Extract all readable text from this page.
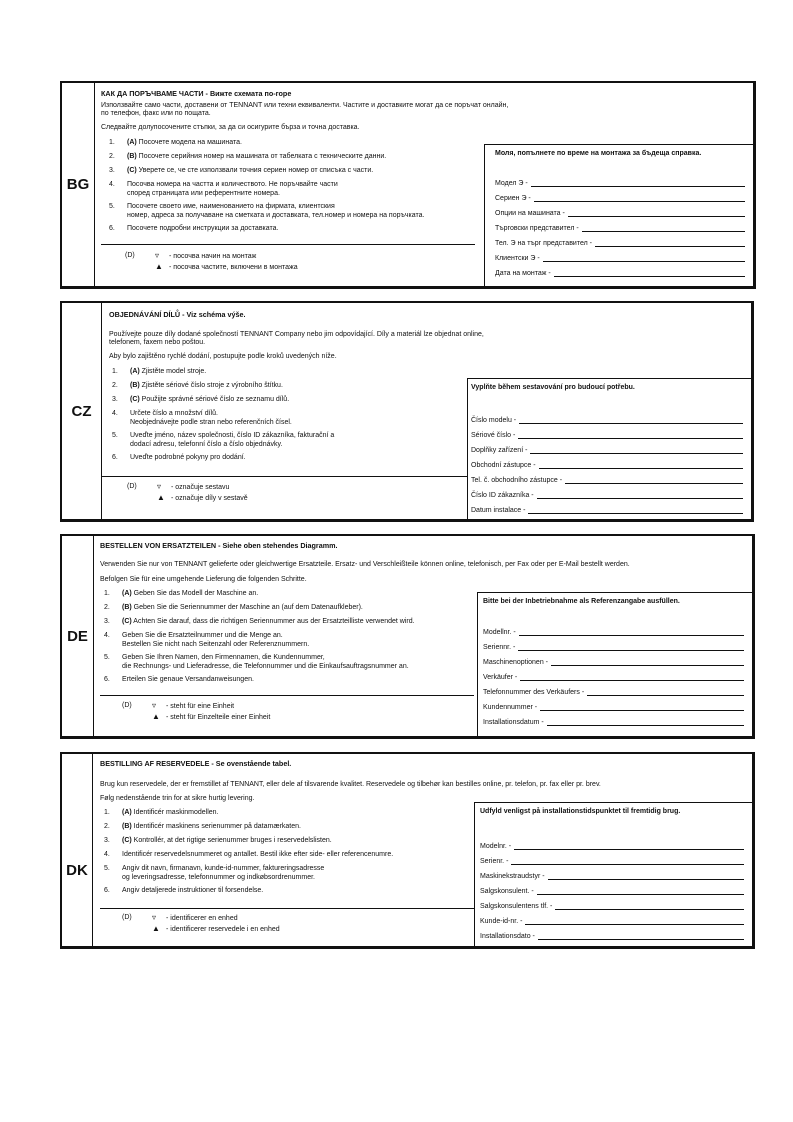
BG
КАК ДА ПОРЪЧВАМЕ ЧАСТИ - Вижте схемата по-горе
Използвайте само части, доставени от TENNANT или техни еквиваленти. Частите и доставките могат да се поръчат онлайн,
по телефон, факс или по пощата.
Следвайте долупосочените стъпки, за да си осигурите бърза и точна доставка.
1. (A) Посочете модела на машината.
2. (B) Посочете серийния номер на машината от табелката с техническите данни.
3. (C) Уверете се, че сте използвали точния сериен номер от списъка с части.
4. Посочва номера на частта и количеството. Не поръчвайте части
според страницата или референтните номера.
5. Посочете своето име, наименованието на фирмата, клиентския
номер, адреса за получаване на сметката и доставката, тел.номер и номера на поръчката.
6. Посочете подробни инструкции за доставката.
(D)	▿ - посочва начин на монтаж
▲ - посочва частите, включени в монтажа
Моля, попълнете по време на монтажа за бъдеща справка.
Модел Э -
Сериен Э -
Опции на машината -
Търговски представител -
Тел. Э на търг представител -
Клиентски Э -
Дата на монтаж -
CZ
OBJEDNÁVÁNÍ DÍLŮ - Viz schéma výše.
Používejte pouze díly dodané společností TENNANT Company nebo jim odpovídající. Díly a materiál lze objednat online,
telefonem, faxem nebo poštou.
Aby bylo zajištěno rychlé dodání, postupujte podle kroků uvedených níže.
1. (A) Zjistěte model stroje.
2. (B) Zjistěte sériové číslo stroje z výrobního štítku.
3. (C) Použijte správné sériové číslo ze seznamu dílů.
4. Určete číslo a množství dílů.
Neobjednávejte podle stran nebo referenčních čísel.
5. Uveďte jméno, název společnosti, číslo ID zákazníka, fakturační a
dodací adresu, telefonní číslo a číslo objednávky.
6. Uveďte podrobné pokyny pro dodání.
(D)	▿ - označuje sestavu
▲ - označuje díly v sestavě
Vyplňte během sestavování pro budoucí potřebu.
Číslo modelu -
Sériové číslo -
Doplňky zařízení -
Obchodní zástupce -
Tel. č. obchodního zástupce -
Číslo ID zákazníka -
Datum instalace -
DE
BESTELLEN VON ERSATZTEILEN - Siehe oben stehendes Diagramm.
Verwenden Sie nur von TENNANT gelieferte oder gleichwertige Ersatzteile. Ersatz- und Verschleißteile können online, telefonisch, per Fax oder per E-Mail bestellt werden.
Befolgen Sie für eine umgehende Lieferung die folgenden Schritte.
1. (A) Geben Sie das Modell der Maschine an.
2. (B) Geben Sie die Seriennummer der Maschine an (auf dem Datenaufkleber).
3. (C) Achten Sie darauf, dass die richtigen Seriennummer aus der Ersatzteilliste verwendet wird.
4. Geben Sie die Ersatzteilnummer und die Menge an.
Bestellen Sie nicht nach Seitenzahl oder Referenznummern.
5. Geben Sie Ihren Namen, den Firmennamen, die Kundennummer,
die Rechnungs- und Lieferadresse, die Telefonnummer und die Einkaufsauftragsnummer an.
6. Erteilen Sie genaue Versandanweisungen.
(D)	▿ - steht für eine Einheit
▲ - steht für Einzelteile einer Einheit
Bitte bei der Inbetriebnahme als Referenzangabe ausfüllen.
Modellnr. -
Seriennr. -
Maschinenoptionen -
Verkäufer -
Telefonnummer des Verkäufers -
Kundennummer -
Installationsdatum -
DK
BESTILLING AF RESERVEDELE - Se ovenstående tabel.
Brug kun reservedele, der er fremstillet af TENNANT, eller dele af tilsvarende kvalitet. Reservedele og tilbehør kan bestilles online, pr. telefon, pr. fax eller pr. brev.
Følg nedenstående trin for at sikre hurtig levering.
1. (A) Identificér maskinmodellen.
2. (B) Identificér maskinens serienummer på datamærkaten.
3. (C) Kontrollér, at det rigtige serienummer bruges i reservedelslisten.
4. Identificér reservedelsnummeret og antallet. Bestil ikke efter side- eller referencenumre.
5. Angiv dit navn, firmanavn, kunde-id-nummer, faktureringsadresse
og leveringsadresse, telefonnummer og indkøbsordrenummer.
6. Angiv detaljerede instruktioner til forsendelse.
(D)	▿ - identificerer en enhed
▲ - identificerer reservedele i en enhed
Udfyld venligst på installationstidspunktet til fremtidig brug.
Modelnr. -
Serienr. -
Maskinekstraudstyr -
Salgskonsulent. -
Salgskonsulentens tlf. -
Kunde-id-nr. -
Installationsdato -
